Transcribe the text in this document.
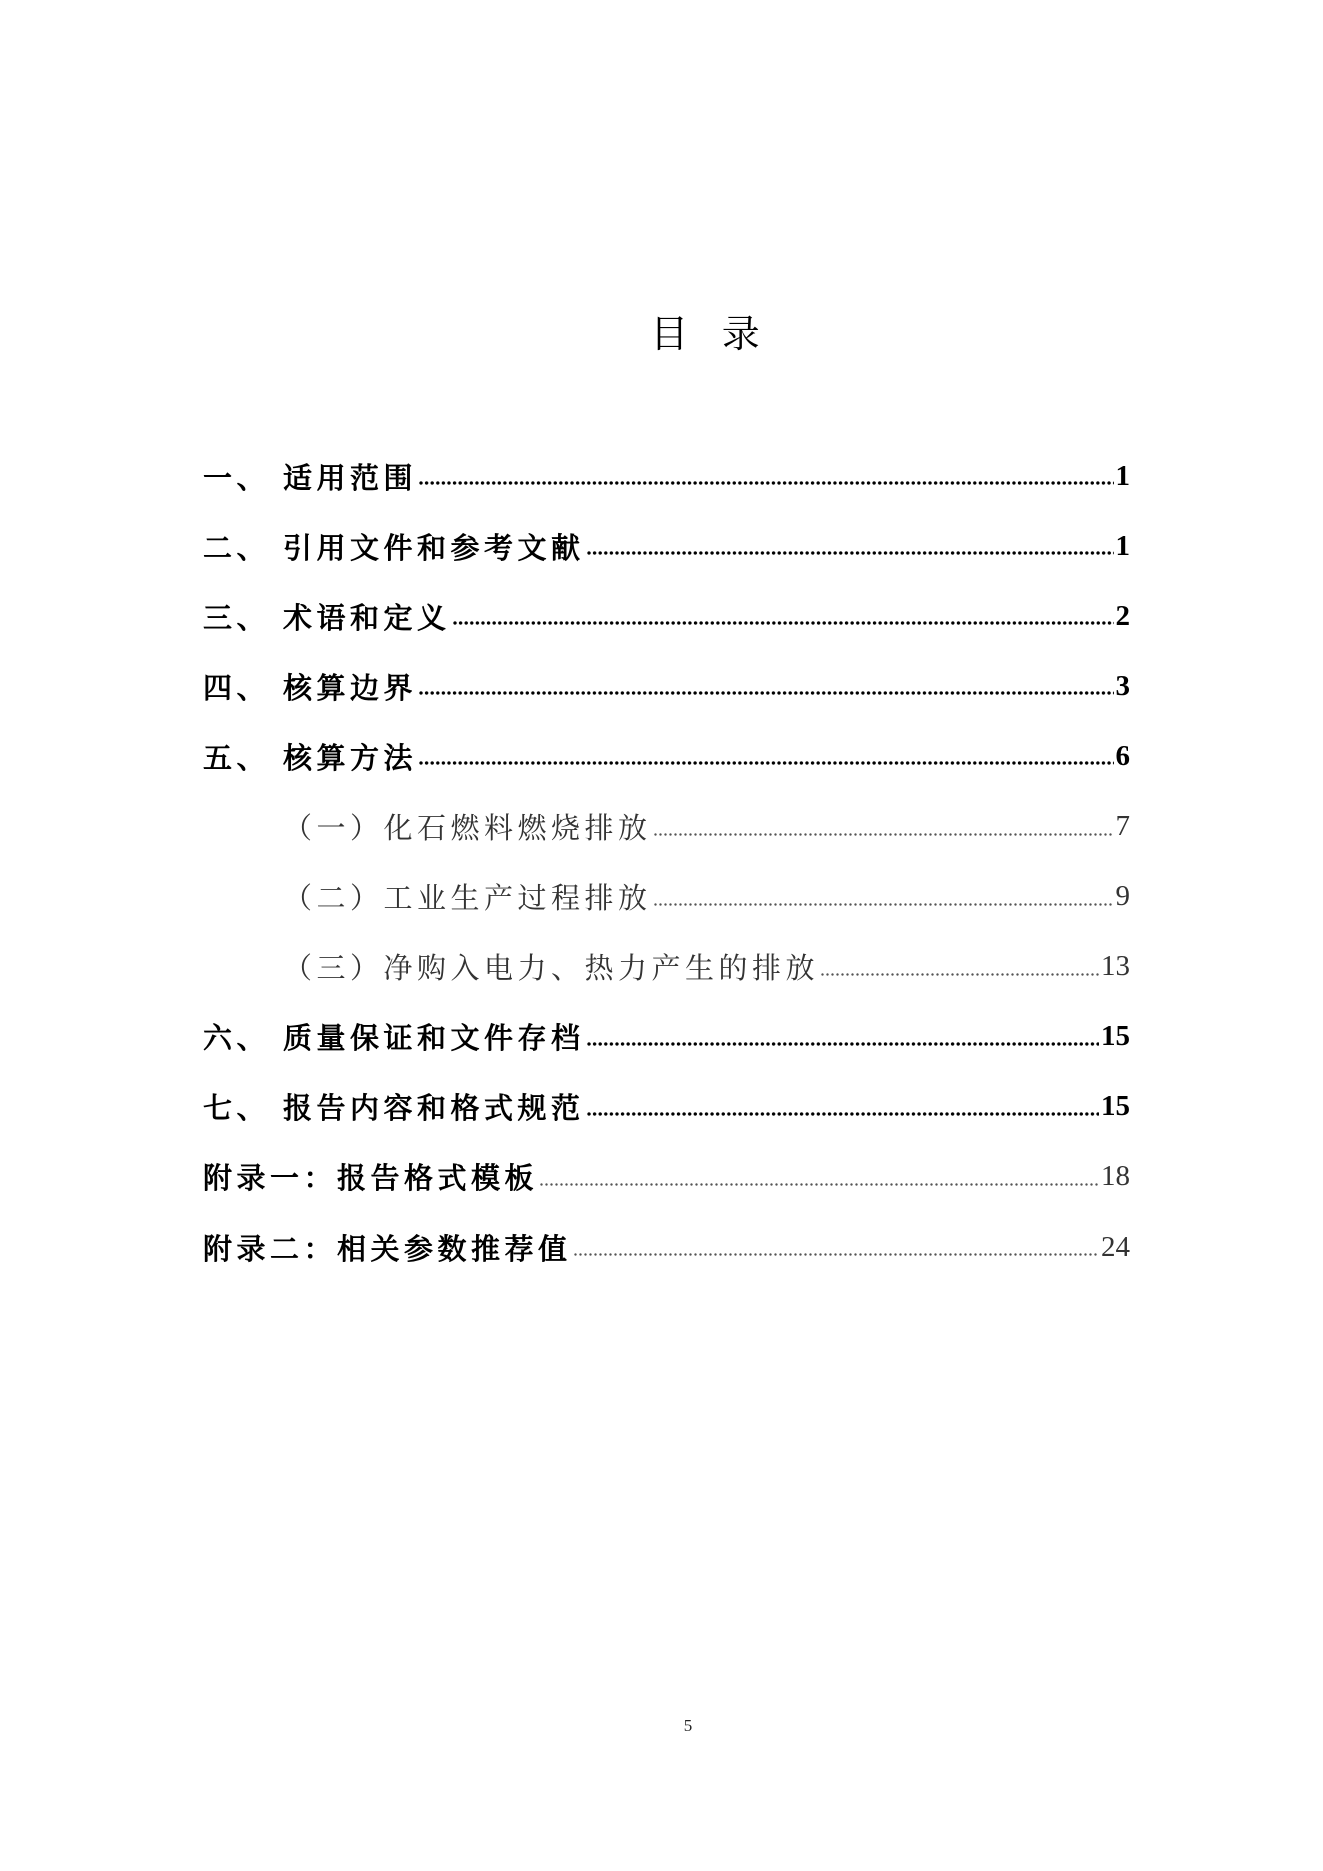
目 录
一、 适用范围	1
二、 引用文件和参考文献	1
三、 术语和定义	2
四、 核算边界	3
五、 核算方法	6
（一）化石燃料燃烧排放	7
（二）工业生产过程排放	9
（三）净购入电力、热力产生的排放	13
六、 质量保证和文件存档	15
七、 报告内容和格式规范	15
附录一：报告格式模板	18
附录二：相关参数推荐值	24
5
